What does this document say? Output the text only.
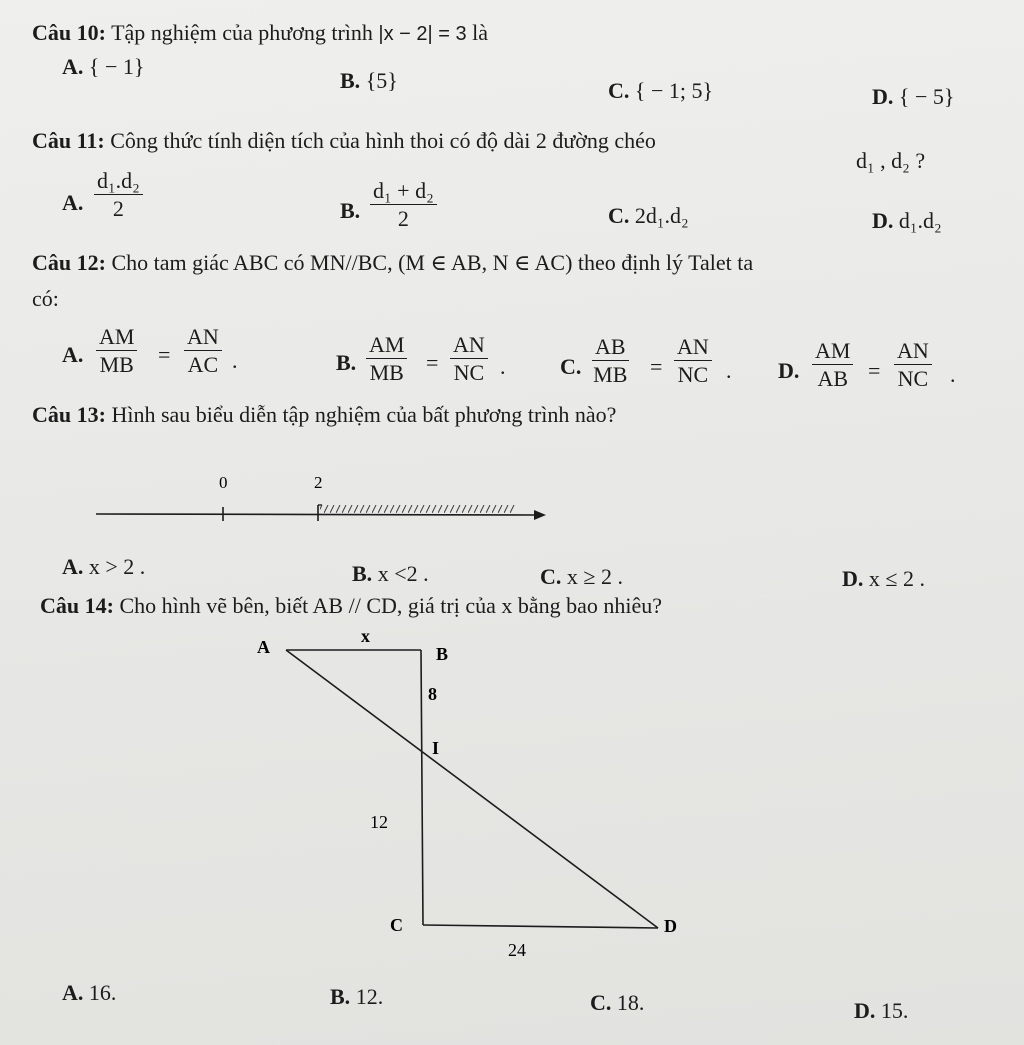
Câu 10: Tập nghiệm của phương trình |x − 2| = 3 là
A. { − 1}
B. {5}	C. { − 1; 5}	D. { − 5}
Câu 11: Công thức tính diện tích của hình thoi có độ dài 2 đường chéo
d₁ , d₂ ?
A. $\frac{\text{d₁.d₂}}{2}$	B. $\frac{\text{d₁ + d₂}}{2}$	C. 2d₁.d₂	D. d₁.d₂
Câu 12: Cho tam giác ABC có MN//BC, (M ∈ AB, N ∈ AC) theo định lý Talet ta
có:
A. $\frac{AM}{MB} = \frac{AN}{AC}$ .	B. $\frac{AM}{MB} = \frac{AN}{NC}$ . C. $\frac{AB}{MB} = \frac{AN}{NC}$ . D. $\frac{AM}{AB} = \frac{AN}{NC}$ .
Câu 13: Hình sau biểu diễn tập nghiệm của bất phương trình nào?
0	2
A. x > 2 .	B. x <2 .	C. x ≥ 2 .	D. x ≤ 2 .
Câu 14: Cho hình vẽ bên, biết AB // CD, giá trị của x bằng bao nhiêu?
A
x
B
8
I
12
C	D
24
A. 16.	B. 12.	C. 18.	D. 15.
